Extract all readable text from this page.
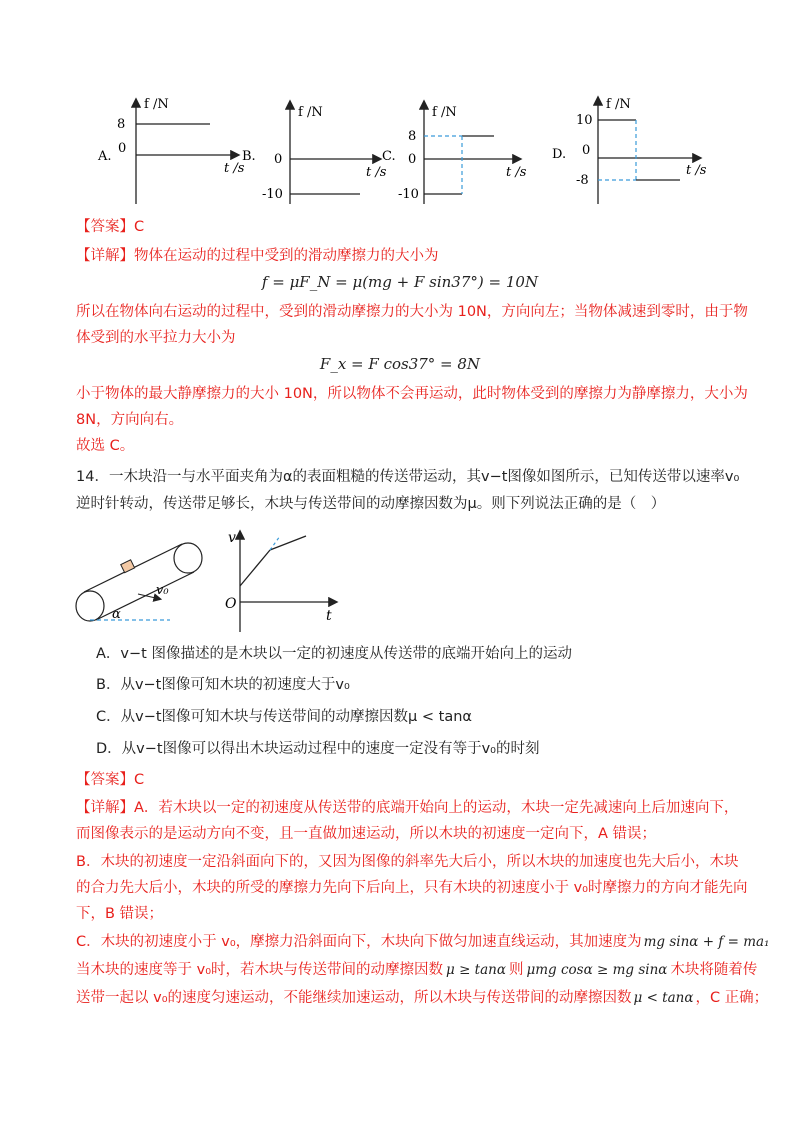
f /N
8
0
t /s
A.
f /N
0
-10
t /s
B.
f /N
8
0
-10
t /s
C.
f /N
10
0
-8
t /s
D.
【答案】C
【详解】物体在运动的过程中受到的滑动摩擦力的大小为
f = μF_N = μ(mg + F sin37°) = 10N
所以在物体向右运动的过程中，受到的滑动摩擦力的大小为 10N，方向向左；当物体减速到零时，由于物
体受到的水平拉力大小为
F_x = F cos37° = 8N
小于物体的最大静摩擦力的大小 10N，所以物体不会再运动，此时物体受到的摩擦力为静摩擦力，大小为
8N，方向向右。
故选 C。
14．一木块沿一与水平面夹角为α的表面粗糙的传送带运动，其v−t图像如图所示，已知传送带以速率v₀
逆时针转动，传送带足够长，木块与传送带间的动摩擦因数为μ。则下列说法正确的是（　）
v₀
α
v
t
O
A．v−t 图像描述的是木块以一定的初速度从传送带的底端开始向上的运动
B．从v−t图像可知木块的初速度大于v₀
C．从v−t图像可知木块与传送带间的动摩擦因数μ < tanα
D．从v−t图像可以得出木块运动过程中的速度一定没有等于v₀的时刻
【答案】C
【详解】A．若木块以一定的初速度从传送带的底端开始向上的运动，木块一定先减速向上后加速向下，
而图像表示的是运动方向不变，且一直做加速运动，所以木块的初速度一定向下，A 错误；
B．木块的初速度一定沿斜面向下的，又因为图像的斜率先大后小，所以木块的加速度也先大后小，木块
的合力先大后小，木块的所受的摩擦力先向下后向上，只有木块的初速度小于 v₀时摩擦力的方向才能先向
下，B 错误；
C．木块的初速度小于 v₀，摩擦力沿斜面向下，木块向下做匀加速直线运动，其加速度为 mg sinα + f = ma₁
当木块的速度等于 v₀时，若木块与传送带间的动摩擦因数 μ ≥ tanα 则 μmg cosα ≥ mg sinα 木块将随着传
送带一起以 v₀的速度匀速运动，不能继续加速运动，所以木块与传送带间的动摩擦因数 μ < tanα ，C 正确；
